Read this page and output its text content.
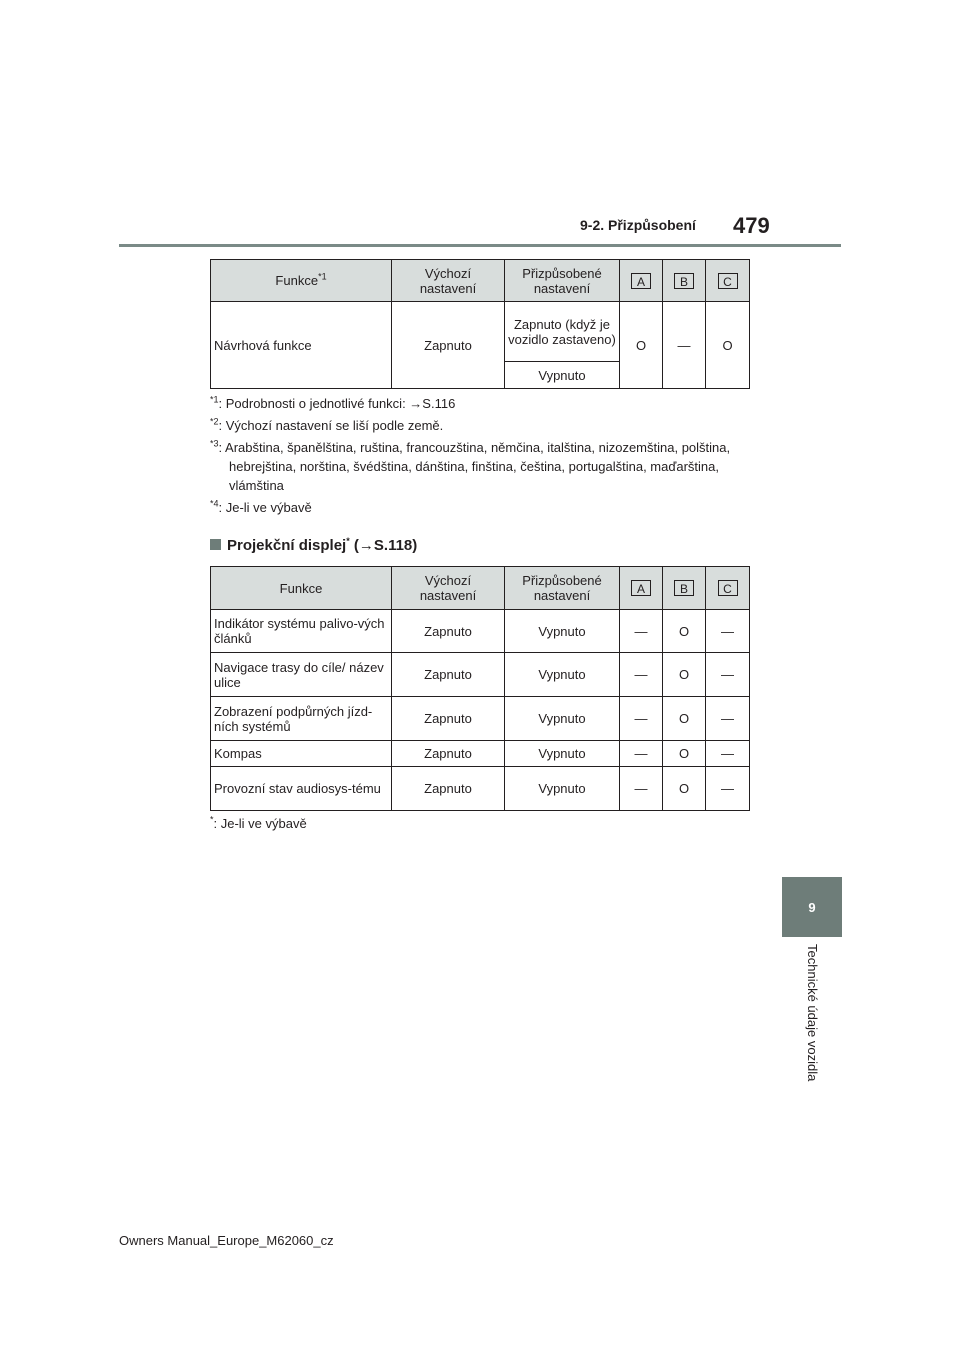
9-2. Přizpůsobení 479
9
Technické údaje vozidla
Funkce$^{*1}$	Výchozí nastavení	Přizpůsobené nastavení	A	B	C
Návrhová funkce	Zapnuto	Zapnuto (když je vozidlo zastaveno)	O	—	O
		Vypnuto			

$^{*1}$: Podrobnosti o jednotlivé funkci: →S.116

$^{*2}$: Výchozí nastavení se liší podle země.

$^{*3}$: Arabština, španělština, ruština, francouzština, němčina, italština, nizozemština, polština, hebrejština, norština, švédština, dánština, finština, čeština, portugalština, maďarština, vlámština

$^{*4}$: Je-li ve výbavě

Projekční displej* (→S.118)
Funkce	Výchozí nastavení	Přizpůsobené nastavení	A	B	C
Indikátor systému palivo-vých článků	Zapnuto	Vypnuto	—	O	—
Navigace trasy do cíle/ název ulice	Zapnuto	Vypnuto	—	O	—
Zobrazení podpůrných jízd-ních systémů	Zapnuto	Vypnuto	—	O	—
Kompas	Zapnuto	Vypnuto	—	O	—
Provozní stav audiosys-tému	Zapnuto	Vypnuto	—	O	—
*: Je-li ve výbavě
Owners Manual_Europe_M62060_cz
